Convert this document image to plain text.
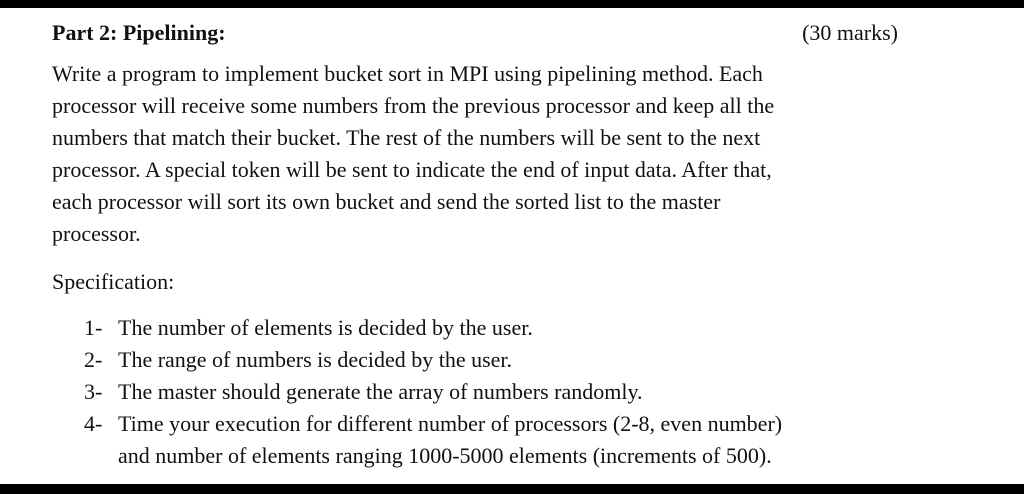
Part 2: Pipelining:	(30 marks)
Write a program to implement bucket sort in MPI using pipelining method. Each
processor will receive some numbers from the previous processor and keep all the
numbers that match their bucket. The rest of the numbers will be sent to the next
processor. A special token will be sent to indicate the end of input data. After that,
each processor will sort its own bucket and send the sorted list to the master
processor.
Specification:
1- The number of elements is decided by the user.
2- The range of numbers is decided by the user.
3- The master should generate the array of numbers randomly.
4- Time your execution for different number of processors (2-8, even number)
and number of elements ranging 1000-5000 elements (increments of 500).
